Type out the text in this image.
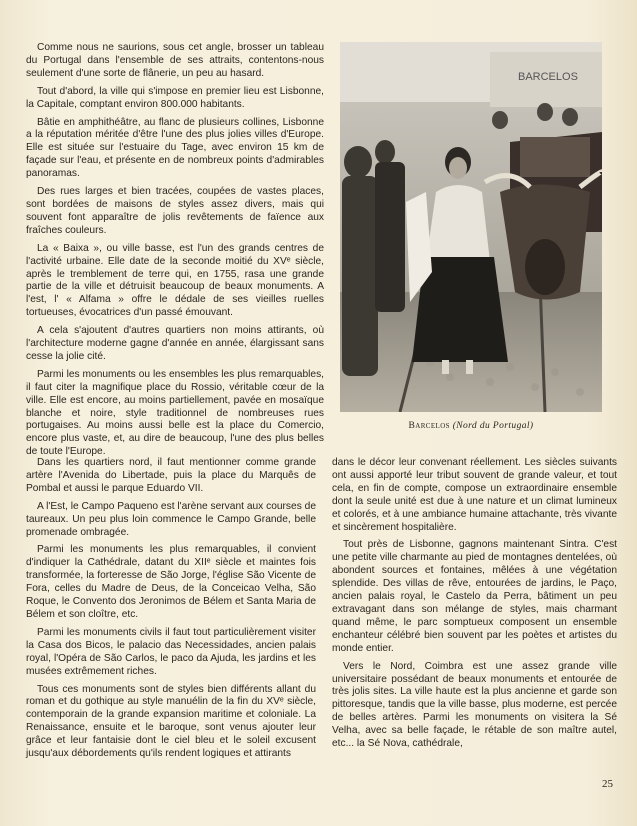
Comme nous ne saurions, sous cet angle, brosser un tableau du Portugal dans l'ensemble de ses attraits, contentons-nous seulement d'une sorte de flânerie, un peu au hasard.

Tout d'abord, la ville qui s'impose en premier lieu est Lisbonne, la Capitale, comptant environ 800.000 habitants.

Bâtie en amphithéâtre, au flanc de plusieurs collines, Lisbonne a la réputation méritée d'être l'une des plus jolies villes d'Europe. Elle est située sur l'estuaire du Tage, avec environ 15 km de façade sur l'eau, et présente en de nombreux points d'admirables panoramas.

Des rues larges et bien tracées, coupées de vastes places, sont bordées de maisons de styles assez divers, mais qui souvent font apparaître de jolis revêtements de faïence aux fraîches couleurs.

La « Baixa », ou ville basse, est l'un des grands centres de l'activité urbaine. Elle date de la seconde moitié du XVᵉ siècle, après le tremblement de terre qui, en 1755, rasa une grande partie de la ville et détruisit beaucoup de beaux monuments. A l'est, l' « Alfama » offre le dédale de ses vieilles ruelles tortueuses, évocatrices d'un passé émouvant.

A cela s'ajoutent d'autres quartiers non moins attirants, où l'architecture moderne gagne d'année en année, élargissant sans cesse la jolie cité.

Parmi les monuments ou les ensembles les plus remarquables, il faut citer la magnifique place du Rossio, véritable cœur de la ville. Elle est encore, au moins partiellement, pavée en mosaïque blanche et noire, style traditionnel de nombreuses rues portugaises. Au moins aussi belle est la place du Comercio, encore plus vaste, et, au dire de beaucoup, l'une des plus belles de toute l'Europe.

BARCELOS
Barcelos (Nord du Portugal)

Dans les quartiers nord, il faut mentionner comme grande artère l'Avenida do Libertade, puis la place du Marquês de Pombal et aussi le parque Eduardo VII.

A l'Est, le Campo Paqueno est l'arène servant aux courses de taureaux. Un peu plus loin commence le Campo Grande, belle promenade ombragée.

Parmi les monuments les plus remarquables, il convient d'indiquer la Cathédrale, datant du XIIᵉ siècle et maintes fois transformée, la forteresse de São Jorge, l'église São Vicente de Fora, celles du Madre de Deus, de la Conceicao Velha, São Roque, le Convento dos Jeronimos de Bélem et Santa Maria de Bélem et son cloître, etc.

Parmi les monuments civils il faut tout particulièrement visiter la Casa dos Bicos, le palacio das Necessidades, ancien palais royal, l'Opéra de São Carlos, le paco da Ajuda, les jardins et les musées extrêmement riches.

Tous ces monuments sont de styles bien différents allant du roman et du gothique au style manuélin de la fin du XVᵉ siècle, contemporain de la grande expansion maritime et coloniale. La Renaissance, ensuite et le baroque, sont venus ajouter leur grâce et leur fantaisie dont le ciel bleu et le soleil excusent jusqu'aux débordements qu'ils rendent logiques et attirants

dans le décor leur convenant réellement. Les siècles suivants ont aussi apporté leur tribut souvent de grande valeur, et tout cela, en fin de compte, compose un extraordinaire ensemble dont la seule unité est due à une nature et un climat lumineux et colorés, et à une ambiance humaine attachante, très vivante et sincèrement hospitalière.

Tout près de Lisbonne, gagnons maintenant Sintra. C'est une petite ville charmante au pied de montagnes dentelées, où abondent sources et fontaines, mêlées à une végétation splendide. Des villas de rêve, entourées de jardins, le Paço, ancien palais royal, le Castelo da Perra, bâtiment un peu extravagant dans son mélange de styles, mais charmant quand même, le parc somptueux composent un ensemble enchanteur célébré bien souvent par les poètes et artistes du monde entier.

Vers le Nord, Coimbra est une assez grande ville universitaire possédant de beaux monuments et entourée de très jolis sites. La ville haute est la plus ancienne et garde son pittoresque, tandis que la ville basse, plus moderne, est percée de belles artères. Parmi les monuments on visitera la Sé Velha, avec sa belle façade, le rétable de son maître autel, etc... la Sé Nova, cathédrale,

25
